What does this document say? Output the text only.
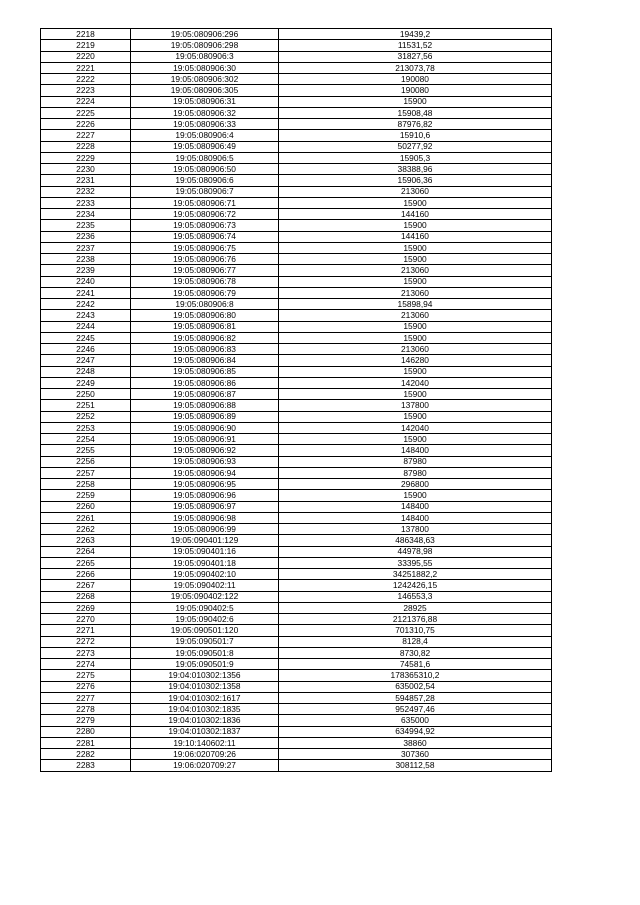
2218	19:05:080906:296	19439,2
2219	19:05:080906:298	11531,52
2220	19:05:080906:3	31827,56
2221	19:05:080906:30	213073,78
2222	19:05:080906:302	190080
2223	19:05:080906:305	190080
2224	19:05:080906:31	15900
2225	19:05:080906:32	15908,48
2226	19:05:080906:33	87976,82
2227	19:05:080906:4	15910,6
2228	19:05:080906:49	50277,92
2229	19:05:080906:5	15905,3
2230	19:05:080906:50	38388,96
2231	19:05:080906:6	15906,36
2232	19:05:080906:7	213060
2233	19:05:080906:71	15900
2234	19:05:080906:72	144160
2235	19:05:080906:73	15900
2236	19:05:080906:74	144160
2237	19:05:080906:75	15900
2238	19:05:080906:76	15900
2239	19:05:080906:77	213060
2240	19:05:080906:78	15900
2241	19:05:080906:79	213060
2242	19:05:080906:8	15898,94
2243	19:05:080906:80	213060
2244	19:05:080906:81	15900
2245	19:05:080906:82	15900
2246	19:05:080906:83	213060
2247	19:05:080906:84	146280
2248	19:05:080906:85	15900
2249	19:05:080906:86	142040
2250	19:05:080906:87	15900
2251	19:05:080906:88	137800
2252	19:05:080906:89	15900
2253	19:05:080906:90	142040
2254	19:05:080906:91	15900
2255	19:05:080906:92	148400
2256	19:05:080906:93	87980
2257	19:05:080906:94	87980
2258	19:05:080906:95	296800
2259	19:05:080906:96	15900
2260	19:05:080906:97	148400
2261	19:05:080906:98	148400
2262	19:05:080906:99	137800
2263	19:05:090401:129	486348,63
2264	19:05:090401:16	44978,98
2265	19:05:090401:18	33395,55
2266	19:05:090402:10	34251882,2
2267	19:05:090402:11	1242426,15
2268	19:05:090402:122	146553,3
2269	19:05:090402:5	28925
2270	19:05:090402:6	2121376,88
2271	19:05:090501:120	701310,75
2272	19:05:090501:7	8128,4
2273	19:05:090501:8	8730,82
2274	19:05:090501:9	74581,6
2275	19:04:010302:1356	178365310,2
2276	19:04:010302:1358	635002,54
2277	19:04:010302:1617	594857,28
2278	19:04:010302:1835	952497,46
2279	19:04:010302:1836	635000
2280	19:04:010302:1837	634994,92
2281	19:10:140602:11	38860
2282	19:06:020709:26	307360
2283	19:06:020709:27	308112,58
